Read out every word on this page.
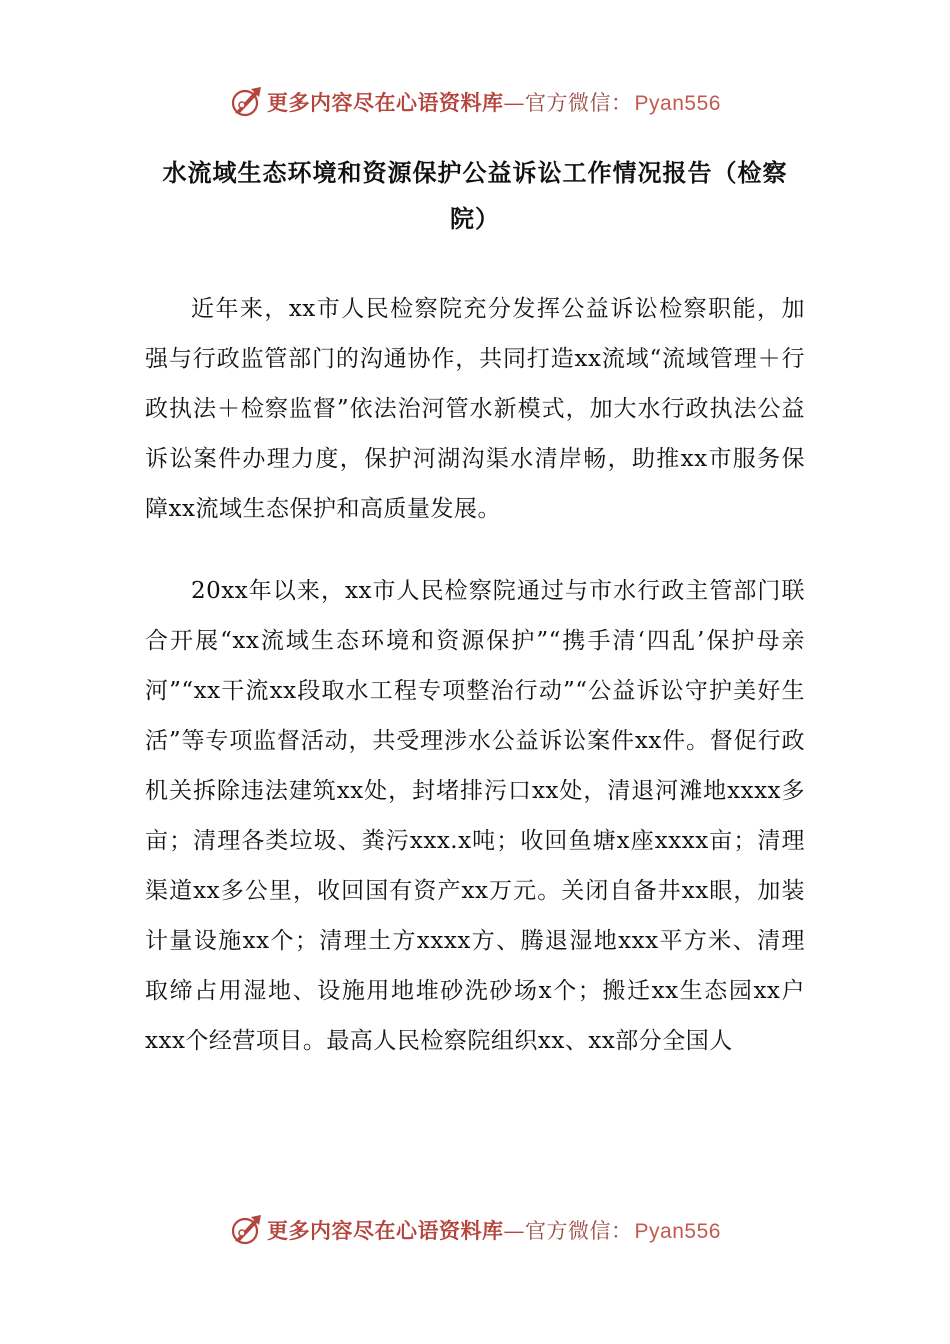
更多内容尽在心语资料库—官方微信：Pyan556
水流域生态环境和资源保护公益诉讼工作情况报告（检察院）

近年来，xx市人民检察院充分发挥公益诉讼检察职能，加强与行政监管部门的沟通协作，共同打造xx流域“流域管理＋行政执法＋检察监督”依法治河管水新模式，加大水行政执法公益诉讼案件办理力度，保护河湖沟渠水清岸畅，助推xx市服务保障xx流域生态保护和高质量发展。

20xx年以来，xx市人民检察院通过与市水行政主管部门联合开展“xx流域生态环境和资源保护”“携手清‘四乱’保护母亲河”“xx干流xx段取水工程专项整治行动”“公益诉讼守护美好生活”等专项监督活动，共受理涉水公益诉讼案件xx件。督促行政机关拆除违法建筑xx处，封堵排污口xx处，清退河滩地xxxx多亩；清理各类垃圾、粪污xxx.x吨；收回鱼塘x座xxxx亩；清理渠道xx多公里，收回国有资产xx万元。关闭自备井xx眼，加装计量设施xx个；清理土方xxxx方、腾退湿地xxx平方米、清理取缔占用湿地、设施用地堆砂洗砂场x个；搬迁xx生态园xx户xxx个经营项目。最高人民检察院组织xx、xx部分全国人

更多内容尽在心语资料库—官方微信：Pyan556
